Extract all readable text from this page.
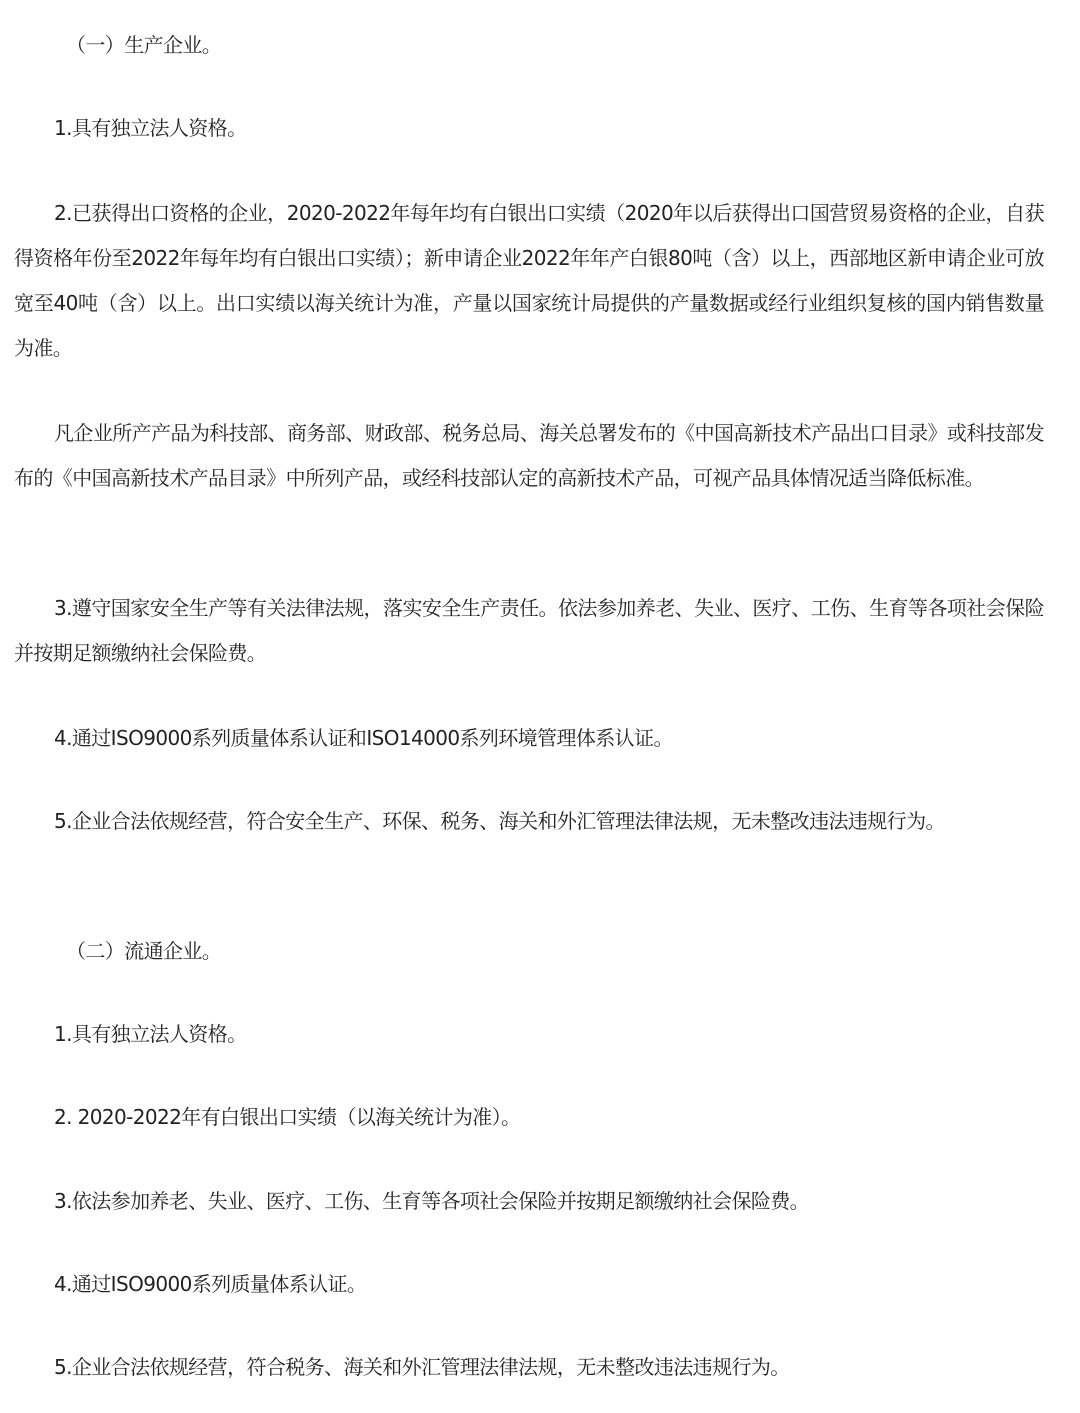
（一）生产企业。

1.具有独立法人资格。

2.已获得出口资格的企业，2020-2022年每年均有白银出口实绩（2020年以后获得出口国营贸易资格的企业，自获得资格年份至2022年每年均有白银出口实绩）；新申请企业2022年年产白银80吨（含）以上，西部地区新申请企业可放宽至40吨（含）以上。出口实绩以海关统计为准，产量以国家统计局提供的产量数据或经行业组织复核的国内销售数量为准。

凡企业所产产品为科技部、商务部、财政部、税务总局、海关总署发布的《中国高新技术产品出口目录》或科技部发布的《中国高新技术产品目录》中所列产品，或经科技部认定的高新技术产品，可视产品具体情况适当降低标准。

3.遵守国家安全生产等有关法律法规，落实安全生产责任。依法参加养老、失业、医疗、工伤、生育等各项社会保险并按期足额缴纳社会保险费。

4.通过ISO9000系列质量体系认证和ISO14000系列环境管理体系认证。

5.企业合法依规经营，符合安全生产、环保、税务、海关和外汇管理法律法规，无未整改违法违规行为。

（二）流通企业。

1.具有独立法人资格。

2. 2020-2022年有白银出口实绩（以海关统计为准）。

3.依法参加养老、失业、医疗、工伤、生育等各项社会保险并按期足额缴纳社会保险费。

4.通过ISO9000系列质量体系认证。

5.企业合法依规经营，符合税务、海关和外汇管理法律法规，无未整改违法违规行为。
